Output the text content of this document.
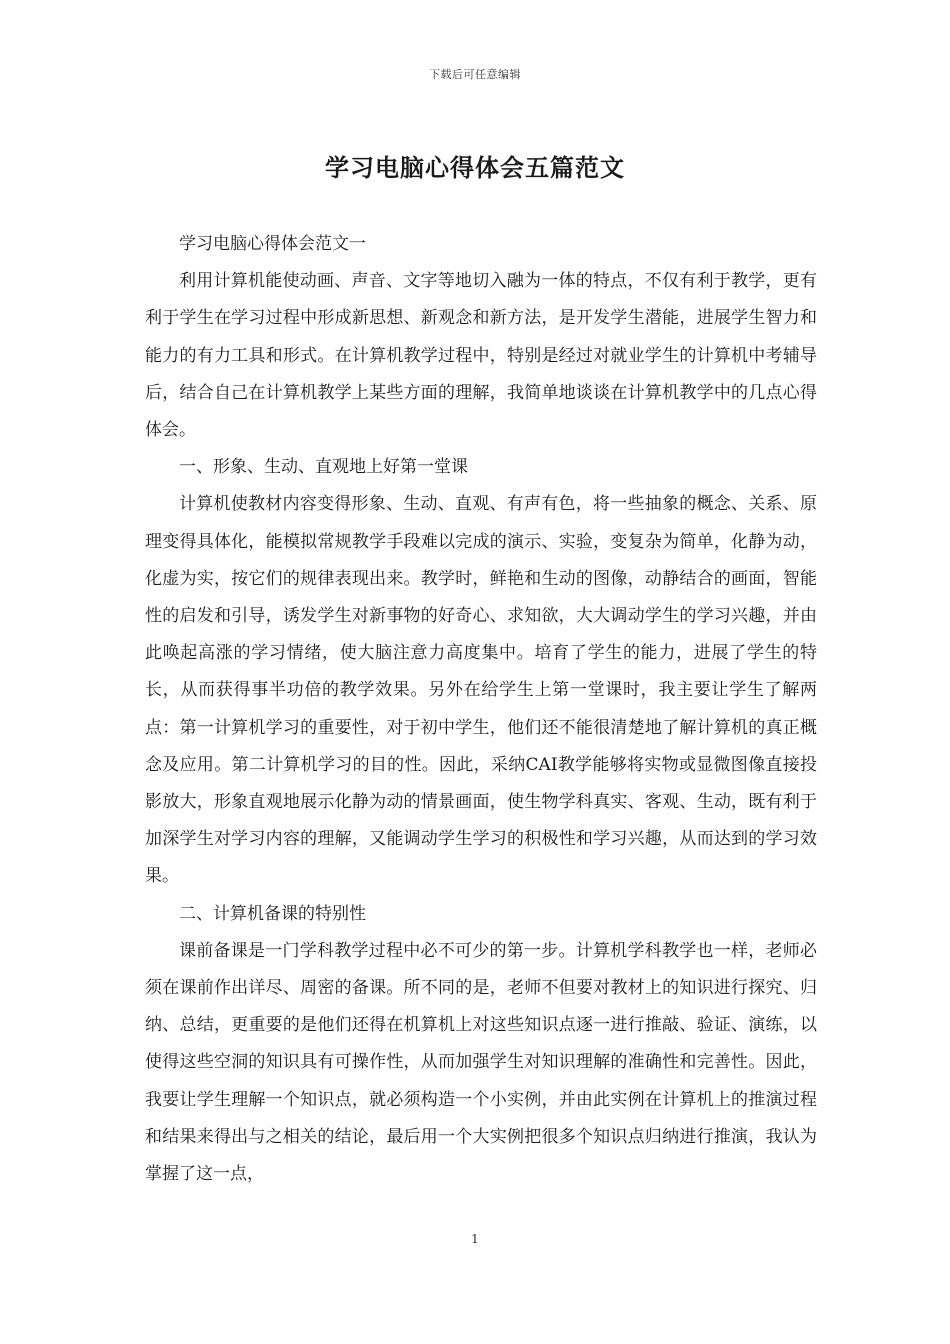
下载后可任意编辑
学习电脑心得体会五篇范文

学习电脑心得体会范文一

利用计算机能使动画、声音、文字等地切入融为一体的特点，不仅有利于教学，更有利于学生在学习过程中形成新思想、新观念和新方法，是开发学生潜能，进展学生智力和能力的有力工具和形式。在计算机教学过程中，特别是经过对就业学生的计算机中考辅导后，结合自己在计算机教学上某些方面的理解，我简单地谈谈在计算机教学中的几点心得体会。

一、形象、生动、直观地上好第一堂课

计算机使教材内容变得形象、生动、直观、有声有色，将一些抽象的概念、关系、原理变得具体化，能模拟常规教学手段难以完成的演示、实验，变复杂为简单，化静为动，化虚为实，按它们的规律表现出来。教学时，鲜艳和生动的图像，动静结合的画面，智能性的启发和引导，诱发学生对新事物的好奇心、求知欲，大大调动学生的学习兴趣，并由此唤起高涨的学习情绪，使大脑注意力高度集中。培育了学生的能力，进展了学生的特长，从而获得事半功倍的教学效果。另外在给学生上第一堂课时，我主要让学生了解两点：第一计算机学习的重要性，对于初中学生，他们还不能很清楚地了解计算机的真正概念及应用。第二计算机学习的目的性。因此，采纳CAI教学能够将实物或显微图像直接投影放大，形象直观地展示化静为动的情景画面，使生物学科真实、客观、生动，既有利于加深学生对学习内容的理解，又能调动学生学习的积极性和学习兴趣，从而达到的学习效果。

二、计算机备课的特别性

课前备课是一门学科教学过程中必不可少的第一步。计算机学科教学也一样，老师必须在课前作出详尽、周密的备课。所不同的是，老师不但要对教材上的知识进行探究、归纳、总结，更重要的是他们还得在机算机上对这些知识点逐一进行推敲、验证、演练，以使得这些空洞的知识具有可操作性，从而加强学生对知识理解的准确性和完善性。因此，我要让学生理解一个知识点，就必须构造一个小实例，并由此实例在计算机上的推演过程和结果来得出与之相关的结论，最后用一个大实例把很多个知识点归纳进行推演，我认为掌握了这一点，

1
